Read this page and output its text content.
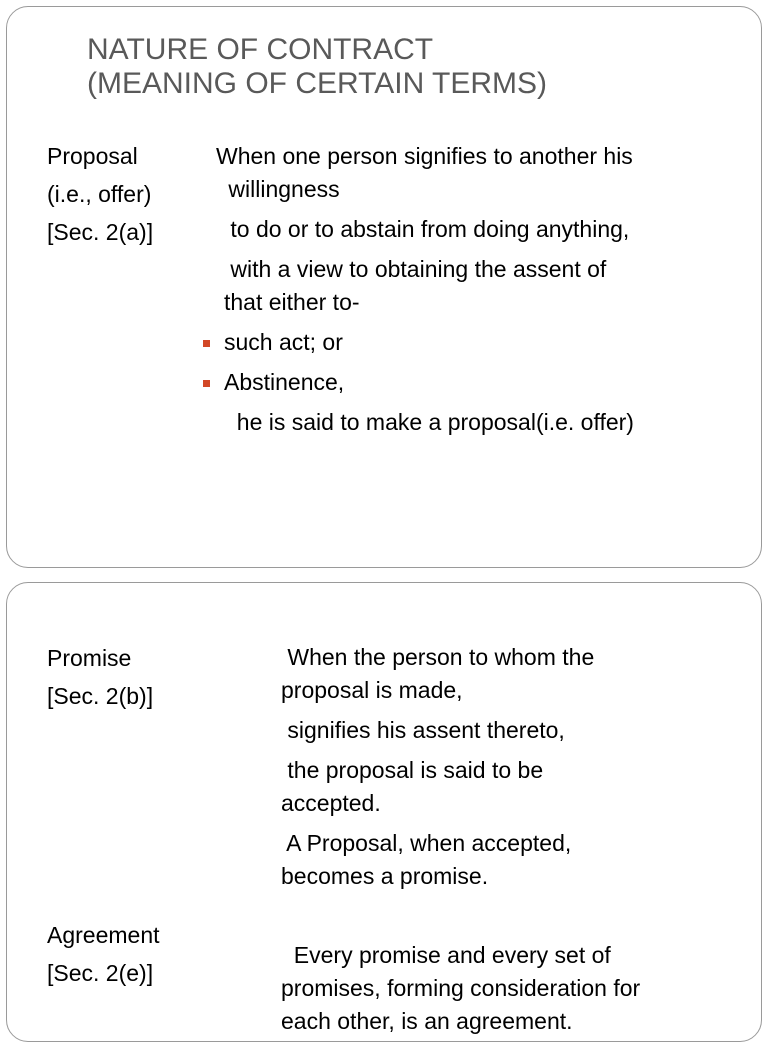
NATURE OF CONTRACT
(MEANING OF CERTAIN TERMS)
Proposal
(i.e., offer)
[Sec. 2(a)]
When one person signifies to another his
willingness
to do or to abstain from doing anything,
with a view to obtaining the assent of
that either to-
such act; or
Abstinence,
he is said to make a proposal(i.e. offer)
Promise
[Sec. 2(b)]
When the person to whom the
proposal is made,
signifies his assent thereto,
the proposal is said to be
accepted.
A Proposal, when accepted,
becomes a promise.
Agreement
[Sec. 2(e)]
Every promise and every set of
promises, forming consideration for
each other, is an agreement.
